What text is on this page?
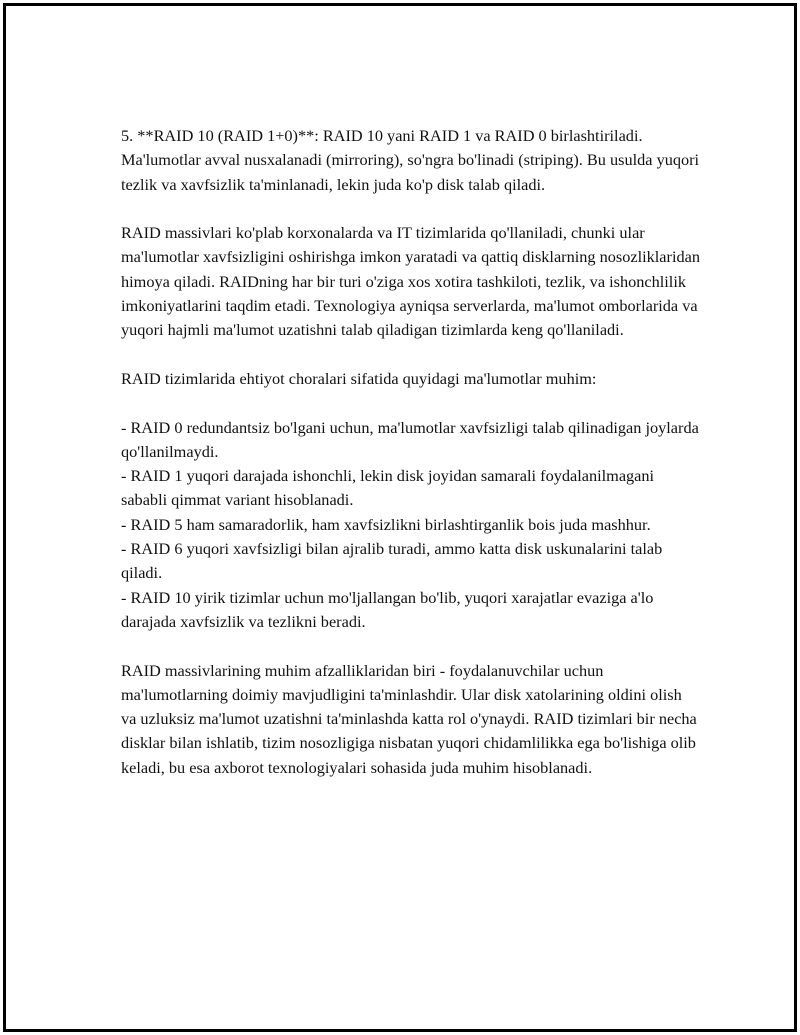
5. **RAID 10 (RAID 1+0)**: RAID 10 yani RAID 1 va RAID 0 birlashtiriladi. Ma'lumotlar avval nusxalanadi (mirroring), so'ngra bo'linadi (striping). Bu usulda yuqori tezlik va xavfsizlik ta'minlanadi, lekin juda ko'p disk talab qiladi.

RAID massivlari ko'plab korxonalarda va IT tizimlarida qo'llaniladi, chunki ular ma'lumotlar xavfsizligini oshirishga imkon yaratadi va qattiq disklarning nosozliklaridan himoya qiladi. RAIDning har bir turi o'ziga xos xotira tashkiloti, tezlik, va ishonchlilik imkoniyatlarini taqdim etadi. Texnologiya ayniqsa serverlarda, ma'lumot omborlarida va yuqori hajmli ma'lumot uzatishni talab qiladigan tizimlarda keng qo'llaniladi.

RAID tizimlarida ehtiyot choralari sifatida quyidagi ma'lumotlar muhim:

- RAID 0 redundantsiz bo'lgani uchun, ma'lumotlar xavfsizligi talab qilinadigan joylarda qo'llanilmaydi.
- RAID 1 yuqori darajada ishonchli, lekin disk joyidan samarali foydalanilmagani sababli qimmat variant hisoblanadi.
- RAID 5 ham samaradorlik, ham xavfsizlikni birlashtirganlik bois juda mashhur.
- RAID 6 yuqori xavfsizligi bilan ajralib turadi, ammo katta disk uskunalarini talab qiladi.
- RAID 10 yirik tizimlar uchun mo'ljallangan bo'lib, yuqori xarajatlar evaziga a'lo darajada xavfsizlik va tezlikni beradi.

RAID massivlarining muhim afzalliklaridan biri - foydalanuvchilar uchun ma'lumotlarning doimiy mavjudligini ta'minlashdir. Ular disk xatolarining oldini olish va uzluksiz ma'lumot uzatishni ta'minlashda katta rol o'ynaydi. RAID tizimlari bir necha disklar bilan ishlatib, tizim nosozligiga nisbatan yuqori chidamlilikka ega bo'lishiga olib keladi, bu esa axborot texnologiyalari sohasida juda muhim hisoblanadi.
